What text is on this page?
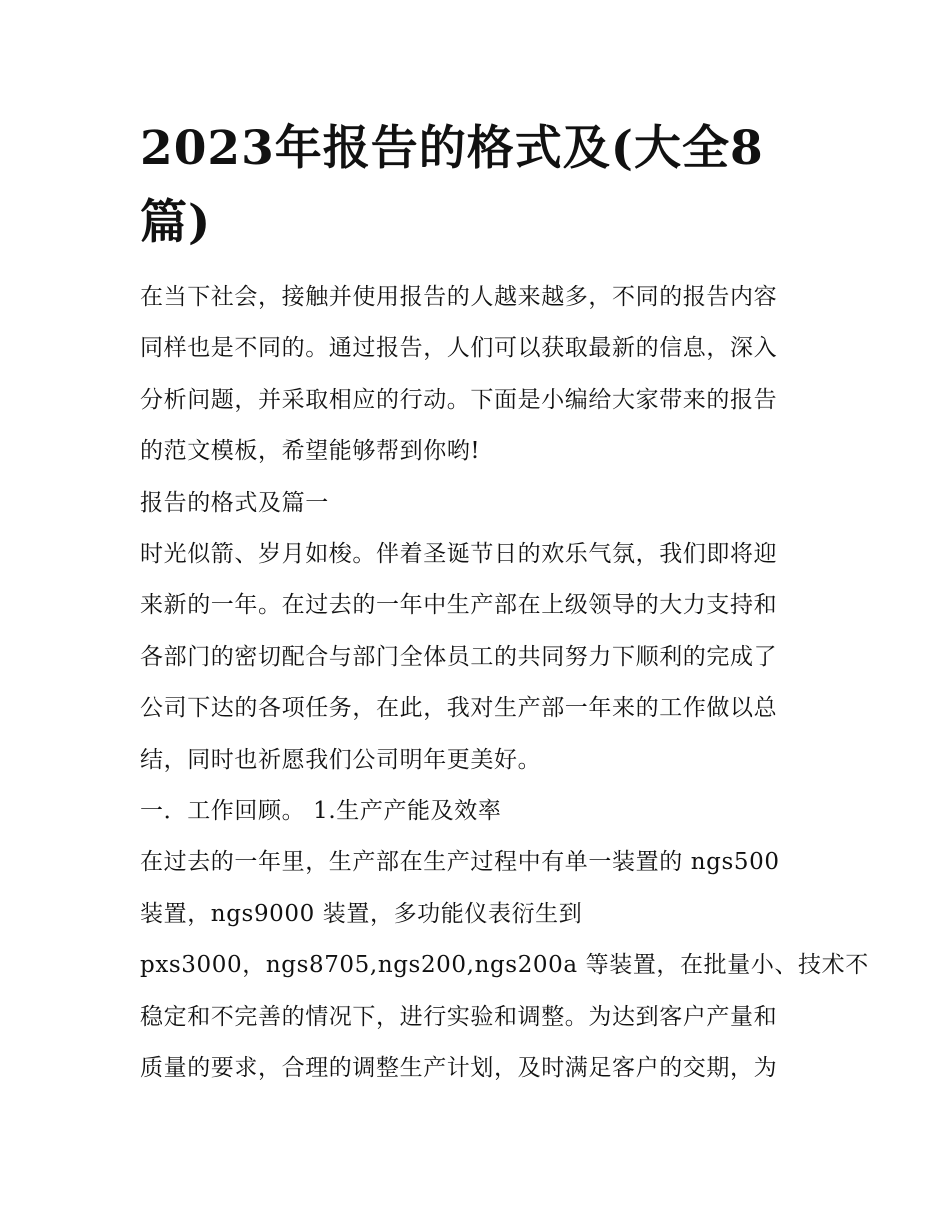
2023年报告的格式及(大全8
篇)
在当下社会，接触并使用报告的人越来越多，不同的报告内容
同样也是不同的。通过报告，人们可以获取最新的信息，深入
分析问题，并采取相应的行动。下面是小编给大家带来的报告
的范文模板，希望能够帮到你哟!
报告的格式及篇一
时光似箭、岁月如梭。伴着圣诞节日的欢乐气氛，我们即将迎
来新的一年。在过去的一年中生产部在上级领导的大力支持和
各部门的密切配合与部门全体员工的共同努力下顺利的完成了
公司下达的各项任务，在此，我对生产部一年来的工作做以总
结，同时也祈愿我们公司明年更美好。
一．工作回顾。 1.生产产能及效率
在过去的一年里，生产部在生产过程中有单一装置的 ngs500
装置，ngs9000 装置，多功能仪表衍生到
pxs3000，ngs8705,ngs200,ngs200a 等装置，在批量小、技术不
稳定和不完善的情况下，进行实验和调整。为达到客户产量和
质量的要求，合理的调整生产计划，及时满足客户的交期，为
